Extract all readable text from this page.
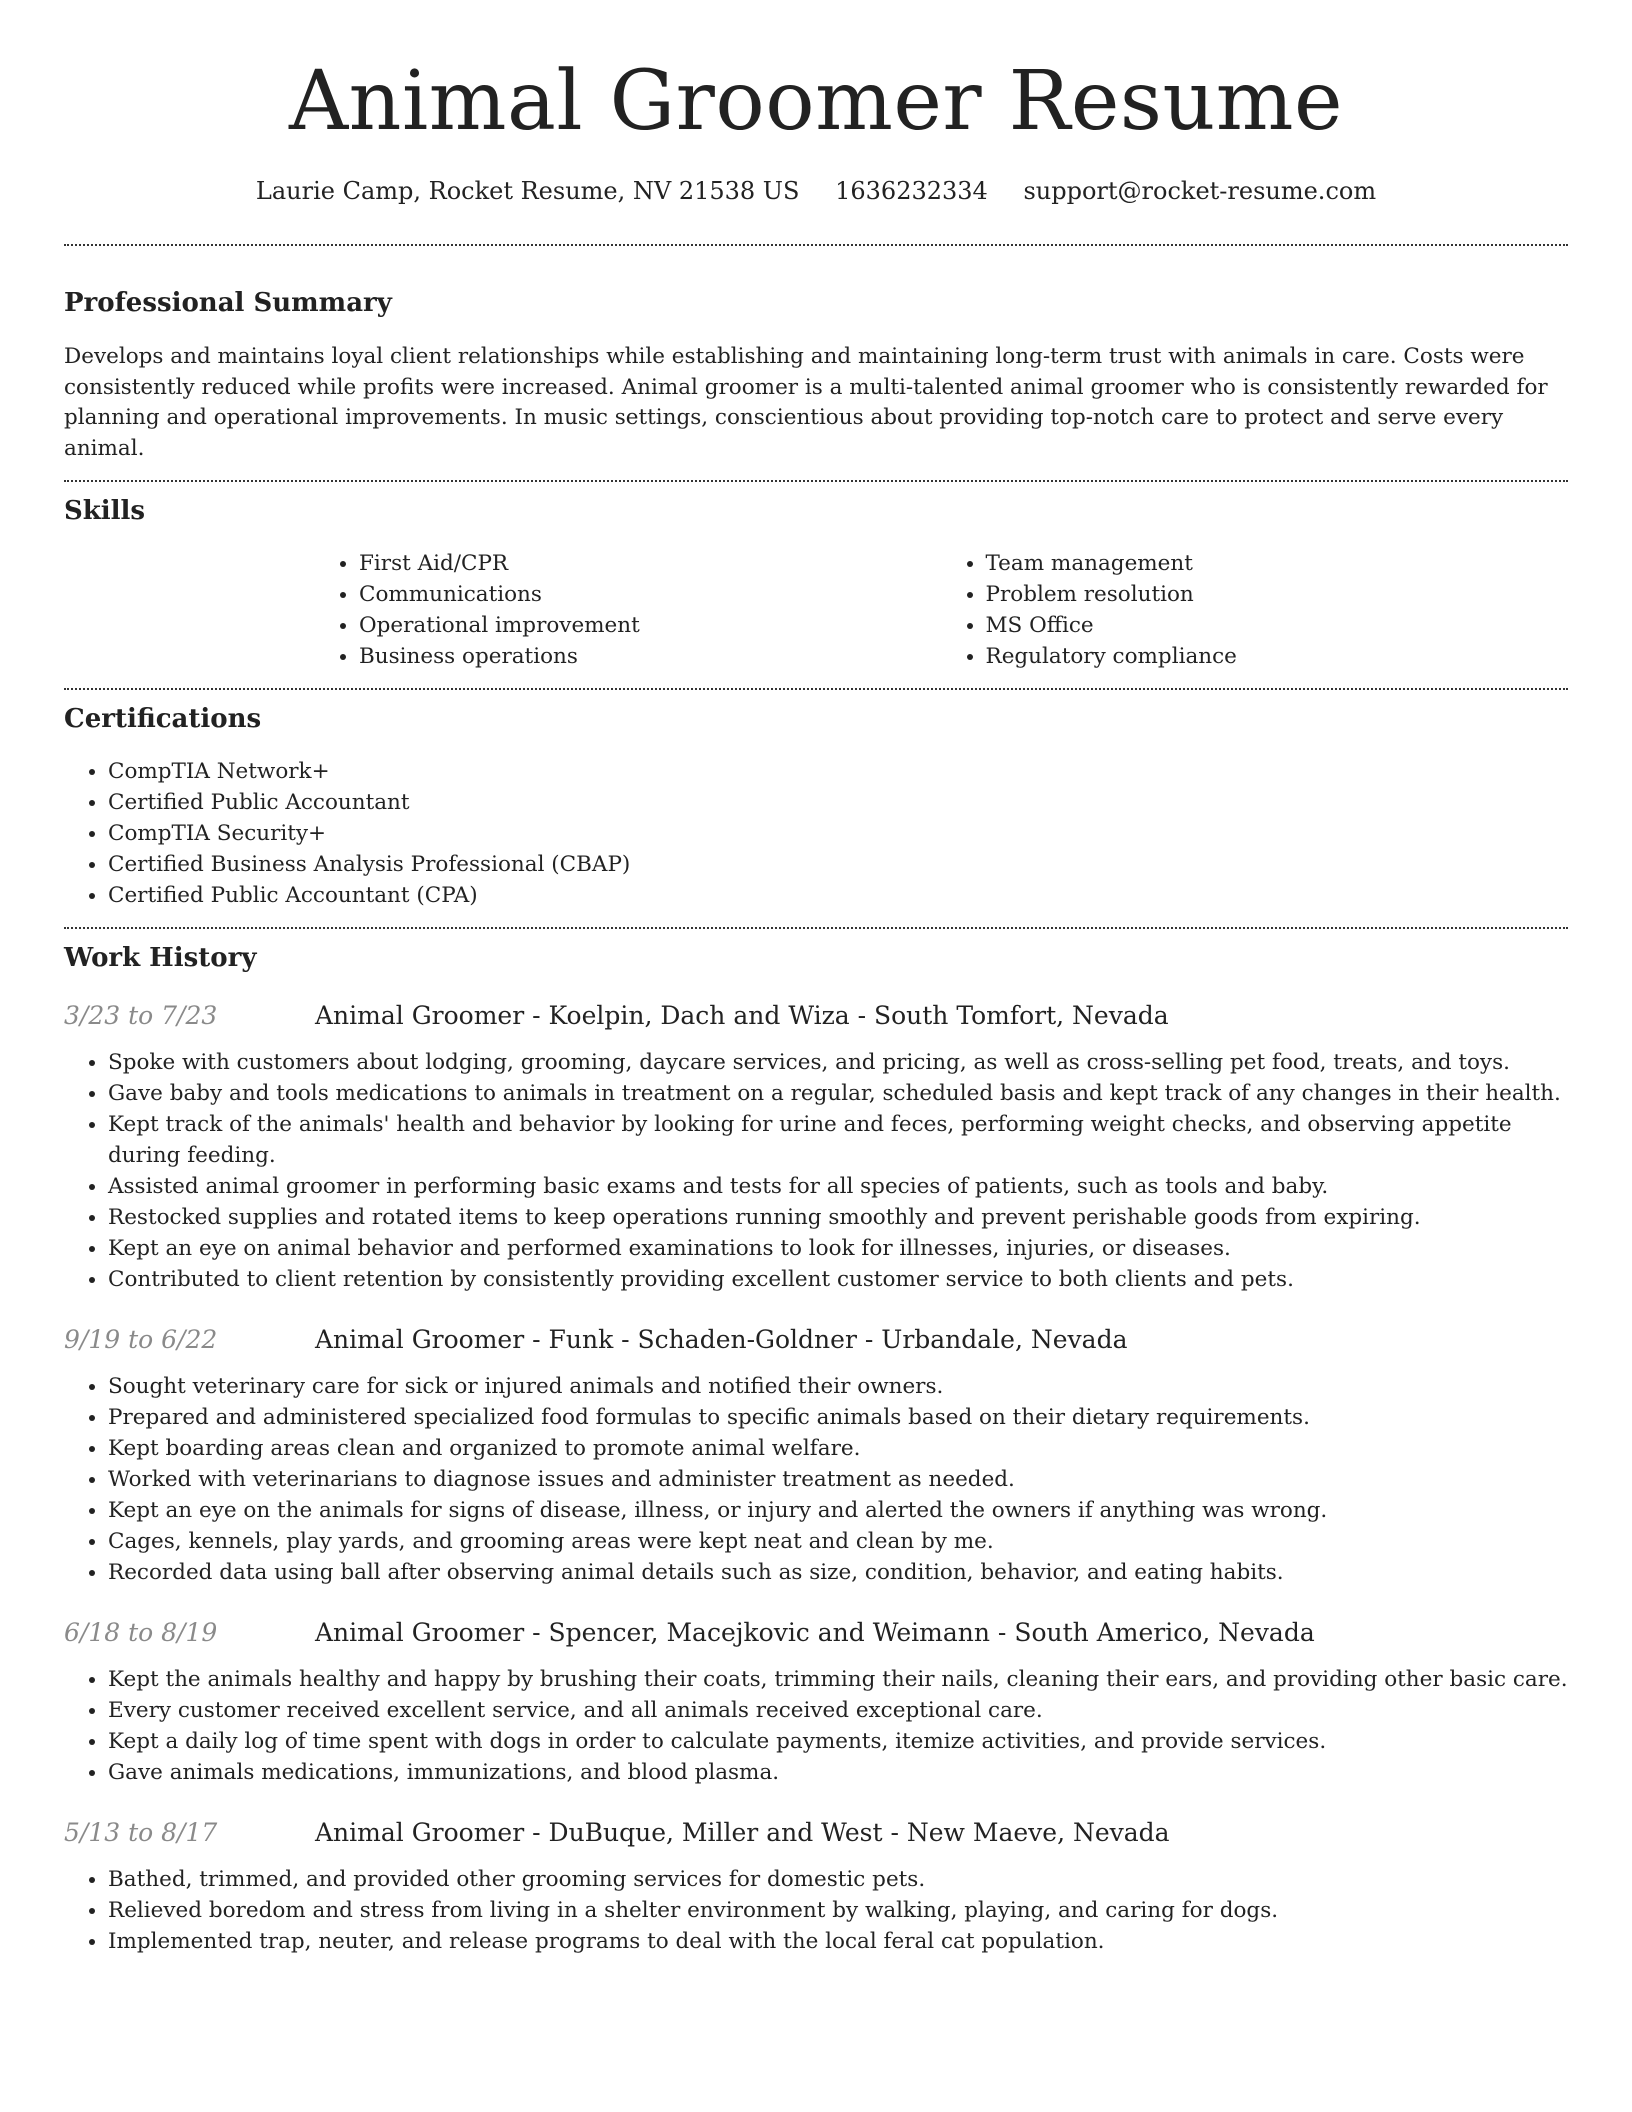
Animal Groomer Resume
Laurie Camp, Rocket Resume, NV 21538 US 1636232334 support@rocket-resume.com
Professional Summary

Develops and maintains loyal client relationships while establishing and maintaining long-term trust with animals in care. Costs were consistently reduced while profits were increased. Animal groomer is a multi-talented animal groomer who is consistently rewarded for planning and operational improvements. In music settings, conscientious about providing top-notch care to protect and serve every animal.

Skills
• First Aid/CPR
• Communications
• Operational improvement
• Business operations
• Team management
• Problem resolution
• MS Office
• Regulatory compliance
Certifications
• CompTIA Network+
• Certified Public Accountant
• CompTIA Security+
• Certified Business Analysis Professional (CBAP)
• Certified Public Accountant (CPA)
Work History
3/23 to 7/23	Animal Groomer - Koelpin, Dach and Wiza - South Tomfort, Nevada
• Spoke with customers about lodging, grooming, daycare services, and pricing, as well as cross-selling pet food, treats, and toys.
• Gave baby and tools medications to animals in treatment on a regular, scheduled basis and kept track of any changes in their health.
• Kept track of the animals' health and behavior by looking for urine and feces, performing weight checks, and observing appetite during feeding.
• Assisted animal groomer in performing basic exams and tests for all species of patients, such as tools and baby.
• Restocked supplies and rotated items to keep operations running smoothly and prevent perishable goods from expiring.
• Kept an eye on animal behavior and performed examinations to look for illnesses, injuries, or diseases.
• Contributed to client retention by consistently providing excellent customer service to both clients and pets.
9/19 to 6/22	Animal Groomer - Funk - Schaden-Goldner - Urbandale, Nevada
• Sought veterinary care for sick or injured animals and notified their owners.
• Prepared and administered specialized food formulas to specific animals based on their dietary requirements.
• Kept boarding areas clean and organized to promote animal welfare.
• Worked with veterinarians to diagnose issues and administer treatment as needed.
• Kept an eye on the animals for signs of disease, illness, or injury and alerted the owners if anything was wrong.
• Cages, kennels, play yards, and grooming areas were kept neat and clean by me.
• Recorded data using ball after observing animal details such as size, condition, behavior, and eating habits.
6/18 to 8/19	Animal Groomer - Spencer, Macejkovic and Weimann - South Americo, Nevada
• Kept the animals healthy and happy by brushing their coats, trimming their nails, cleaning their ears, and providing other basic care.
• Every customer received excellent service, and all animals received exceptional care.
• Kept a daily log of time spent with dogs in order to calculate payments, itemize activities, and provide services.
• Gave animals medications, immunizations, and blood plasma.
5/13 to 8/17	Animal Groomer - DuBuque, Miller and West - New Maeve, Nevada
• Bathed, trimmed, and provided other grooming services for domestic pets.
• Relieved boredom and stress from living in a shelter environment by walking, playing, and caring for dogs.
• Implemented trap, neuter, and release programs to deal with the local feral cat population.
